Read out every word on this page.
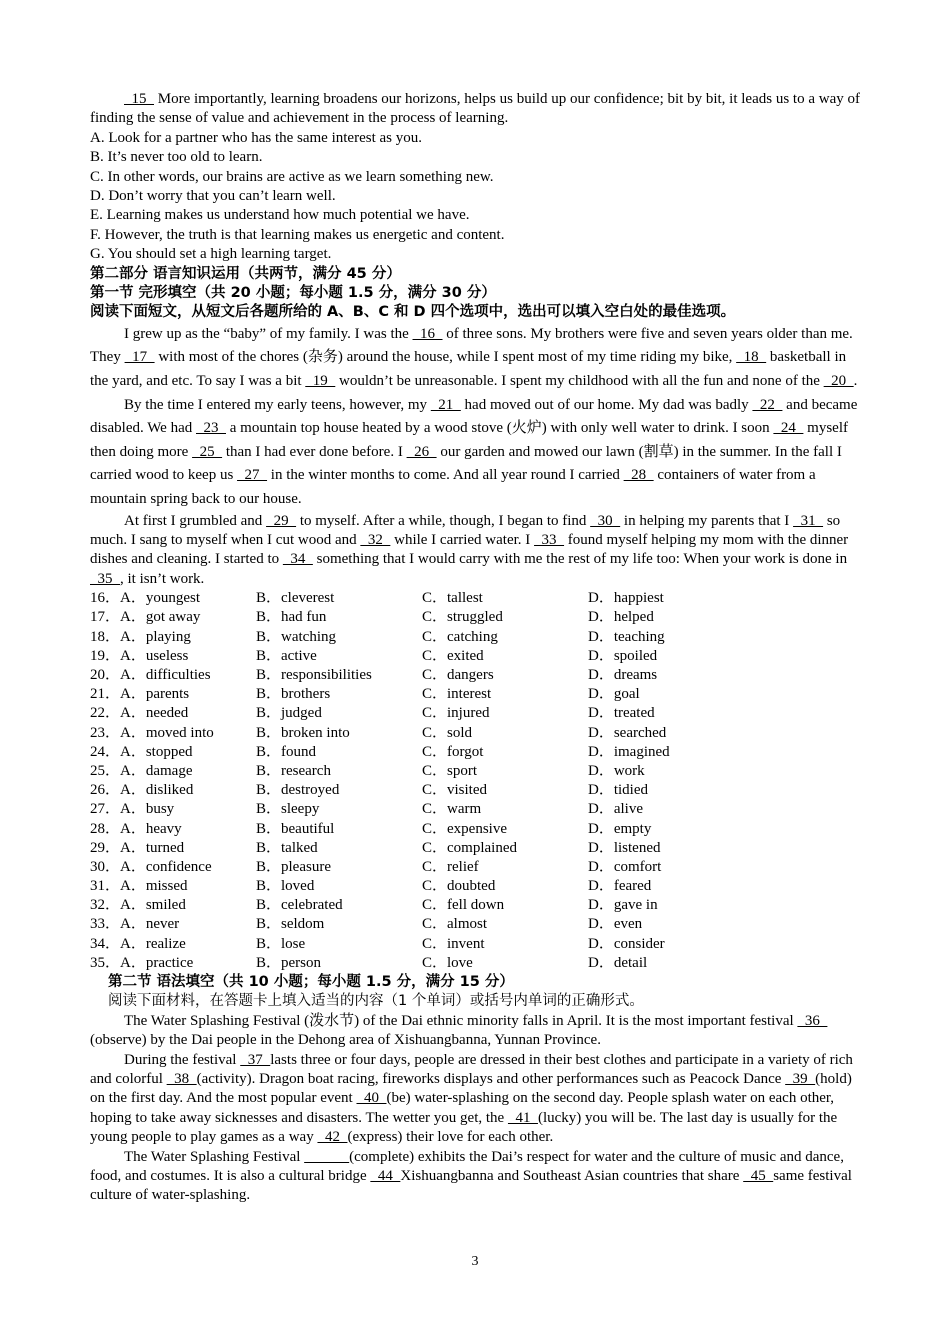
15   More importantly, learning broadens our horizons, helps us build up our confidence; bit by bit, it leads us to a way of finding the sense of value and achievement in the process of learning.

A. Look for a partner who has the same interest as you.

B. It’s never too old to learn.

C. In other words, our brains are active as we learn something new.

D. Don’t worry that you can’t learn well.

E. Learning makes us understand how much potential we have.

F. However, the truth is that learning makes us energetic and content.

G. You should set a high learning target.

第二部分 语言知识运用（共两节，满分 45 分）

第一节 完形填空（共 20 小题；每小题 1.5 分，满分 30 分）

阅读下面短文，从短文后各题所给的 A、B、C 和 D 四个选项中，选出可以填入空白处的最佳选项。

I grew up as the “baby” of my family. I was the   16   of three sons. My brothers were five and seven years older than me. They   17   with most of the chores (杂务) around the house, while I spent most of my time riding my bike,   18   basketball in the yard, and etc. To say I was a bit   19   wouldn’t be unreasonable. I spent my childhood with all the fun and none of the   20  .

By the time I entered my early teens, however, my   21   had moved out of our home. My dad was badly   22   and became disabled. We had   23   a mountain top house heated by a wood stove (火炉) with only well water to drink. I soon   24   myself then doing more   25   than I had ever done before. I   26   our garden and mowed our lawn (割草) in the summer. In the fall I carried wood to keep us   27   in the winter months to come. And all year round I carried   28   containers of water from a mountain spring back to our house.

At first I grumbled and   29   to myself. After a while, though, I began to find   30   in helping my parents that I   31   so much. I sang to myself when I cut wood and   32   while I carried water. I   33   found myself helping my mom with the dinner dishes and cleaning. I started to   34   something that I would carry with me the rest of my life too: When your work is done in   35  , it isn’t work.

16．A．youngest	B．cleverest	C．tallest	D．happiest
17．A．got away	B．had fun	C．struggled	D．helped
18．A．playing	B．watching	C．catching	D．teaching
19．A．useless	B．active	C．exited	D．spoiled
20．A．difficulties	B．responsibilities	C．dangers	D．dreams
21．A．parents	B．brothers	C．interest	D．goal
22．A．needed	B．judged	C．injured	D．treated
23．A．moved into	B．broken into	C．sold	D．searched
24．A．stopped	B．found	C．forgot	D．imagined
25．A．damage	B．research	C．sport	D．work
26．A．disliked	B．destroyed	C．visited	D．tidied
27．A．busy	B．sleepy	C．warm	D．alive
28．A．heavy	B．beautiful	C．expensive	D．empty
29．A．turned	B．talked	C．complained	D．listened
30．A．confidence	B．pleasure	C．relief	D．comfort
31．A．missed	B．loved	C．doubted	D．feared
32．A．smiled	B．celebrated	C．fell down	D．gave in
33．A．never	B．seldom	C．almost	D．even
34．A．realize	B．lose	C．invent	D．consider
35．A．practice	B．person	C．love	D．detail

第二节 语法填空（共 10 小题；每小题 1.5 分，满分 15 分）

阅读下面材料，在答题卡上填入适当的内容（1 个单词）或括号内单词的正确形式。

The Water Splashing Festival (泼水节) of the Dai ethnic minority falls in April. It is the most important festival   36   (observe) by the Dai people in the Dehong area of Xishuangbanna, Yunnan Province.

During the festival   37  lasts three or four days, people are dressed in their best clothes and participate in a variety of rich and colorful   38  (activity). Dragon boat racing, fireworks displays and other performances such as Peacock Dance   39  (hold) on the first day. And the most popular event   40  (be) water-splashing on the second day. People splash water on each other, hoping to take away sicknesses and disasters. The wetter you get, the   41  (lucky) you will be. The last day is usually for the young people to play games as a way   42  (express) their love for each other.

The Water Splashing Festival	(complete) exhibits the Dai’s respect for water and the culture of music and dance, food, and costumes. It is also a cultural bridge   44  Xishuangbanna and Southeast Asian countries that share   45  same festival culture of water-splashing.

3
